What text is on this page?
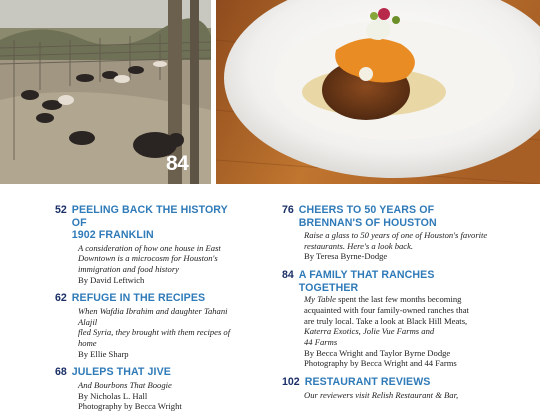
84
52 PEELING BACK THE HISTORY OF
1902 FRANKLIN
A consideration of how one house in East
Downtown is a microcosm for Houston's
immigration and food history
By David Leftwich
62 REFUGE IN THE RECIPES
When Wafdia Ibrahim and daughter Tahani Alajil
fled Syria, they brought with them recipes of home
By Ellie Sharp
68 JULEPS THAT JIVE
And Bourbons That Boogie
By Nicholas L. Hall
Photography by Becca Wright
76 CHEERS TO 50 YEARS OF
BRENNAN'S OF HOUSTON
Raise a glass to 50 years of one of Houston's favorite
restaurants. Here's a look back.
By Teresa Byrne-Dodge
84 A FAMILY THAT RANCHES TOGETHER
My Table spent the last few months becoming
acquainted with four family-owned ranches that
are truly local. Take a look at Black Hill Meats,
Katerra Exotics, Jolie Vue Farms and
44 Farms
By Becca Wright and Taylor Byrne Dodge
Photography by Becca Wright and 44 Farms
102 RESTAURANT REVIEWS
Our reviewers visit Relish Restaurant & Bar,
